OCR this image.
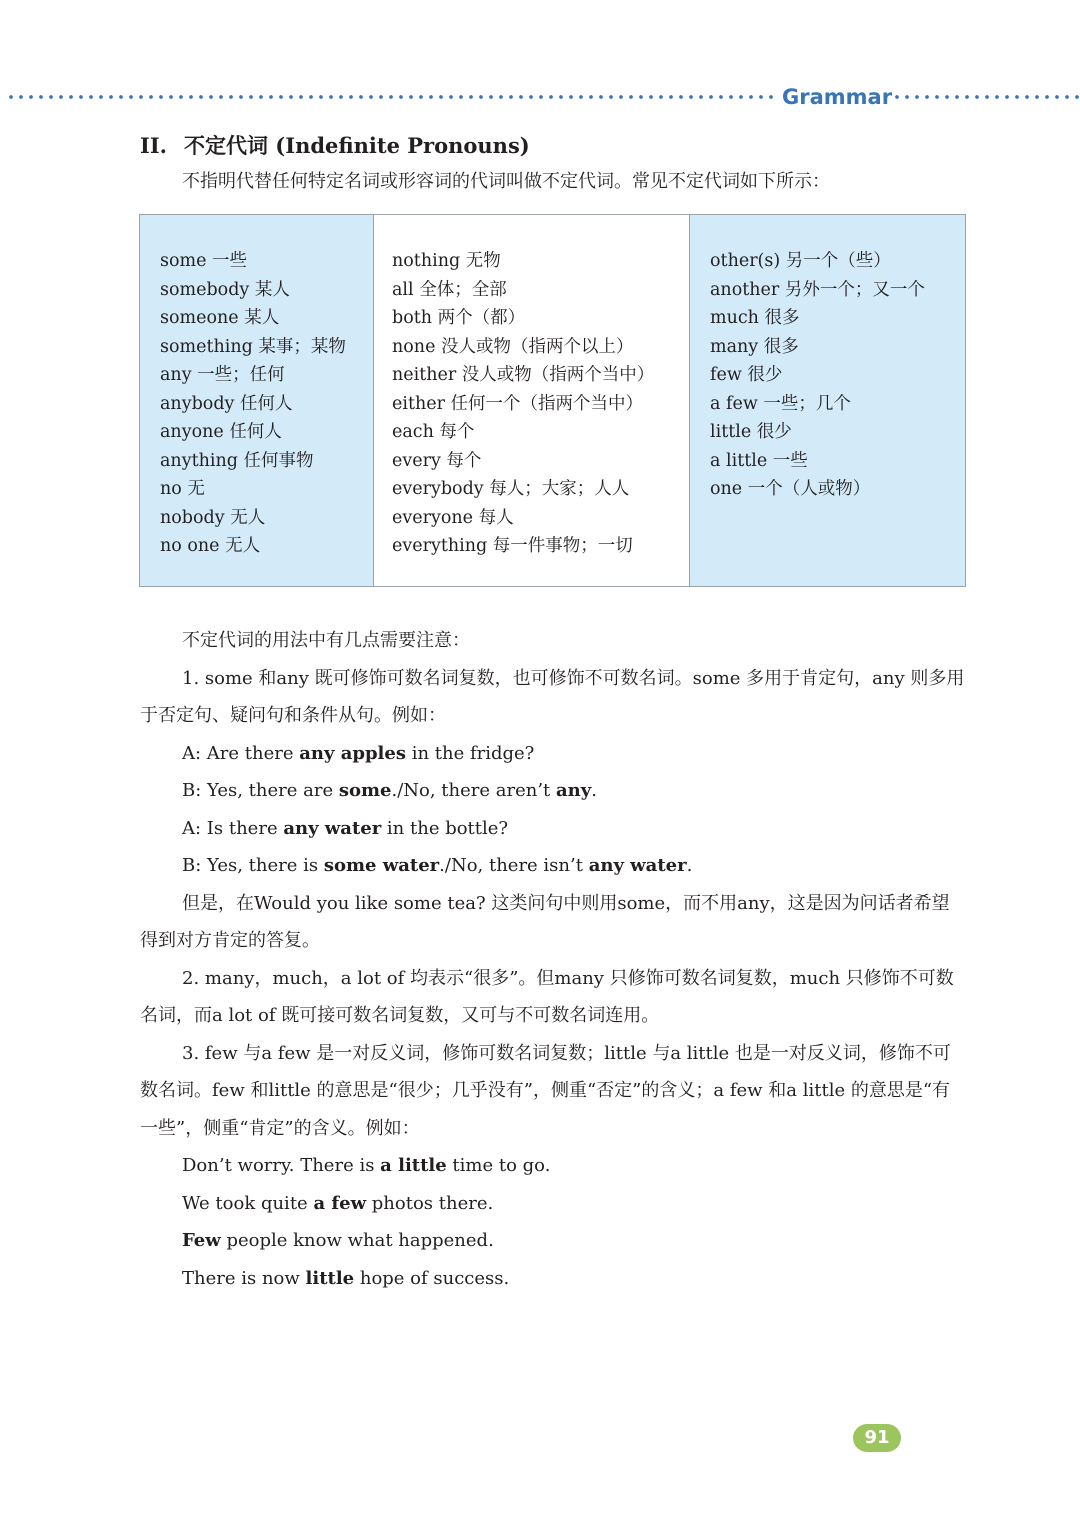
Grammar
II. 不定代词 (Indefinite Pronouns)
不指明代替任何特定名词或形容词的代词叫做不定代词。常见不定代词如下所示：
some 一些
somebody 某人
someone 某人
something 某事；某物
any 一些；任何
anybody 任何人
anyone 任何人
anything 任何事物
no 无
nobody 无人
no one 无人
nothing 无物
all 全体；全部
both 两个（都）
none 没人或物（指两个以上）
neither 没人或物（指两个当中）
either 任何一个（指两个当中）
each 每个
every 每个
everybody 每人；大家；人人
everyone 每人
everything 每一件事物；一切
other(s) 另一个（些）
another 另外一个；又一个
much 很多
many 很多
few 很少
a few 一些；几个
little 很少
a little 一些
one 一个（人或物）

不定代词的用法中有几点需要注意：

1. some 和any 既可修饰可数名词复数，也可修饰不可数名词。some 多用于肯定句，any 则多用于否定句、疑问句和条件从句。例如：

A: Are there any apples in the fridge?

B: Yes, there are some./No, there aren’t any.

A: Is there any water in the bottle?

B: Yes, there is some water./No, there isn’t any water.

但是，在Would you like some tea? 这类问句中则用some，而不用any，这是因为问话者希望得到对方肯定的答复。

2. many，much，a lot of 均表示“很多”。但many 只修饰可数名词复数，much 只修饰不可数名词，而a lot of 既可接可数名词复数，又可与不可数名词连用。

3. few 与a few 是一对反义词，修饰可数名词复数；little 与a little 也是一对反义词，修饰不可数名词。few 和little 的意思是“很少；几乎没有”，侧重“否定”的含义；a few 和a little 的意思是“有一些”，侧重“肯定”的含义。例如：

Don’t worry. There is a little time to go.

We took quite a few photos there.

Few people know what happened.

There is now little hope of success.

91
